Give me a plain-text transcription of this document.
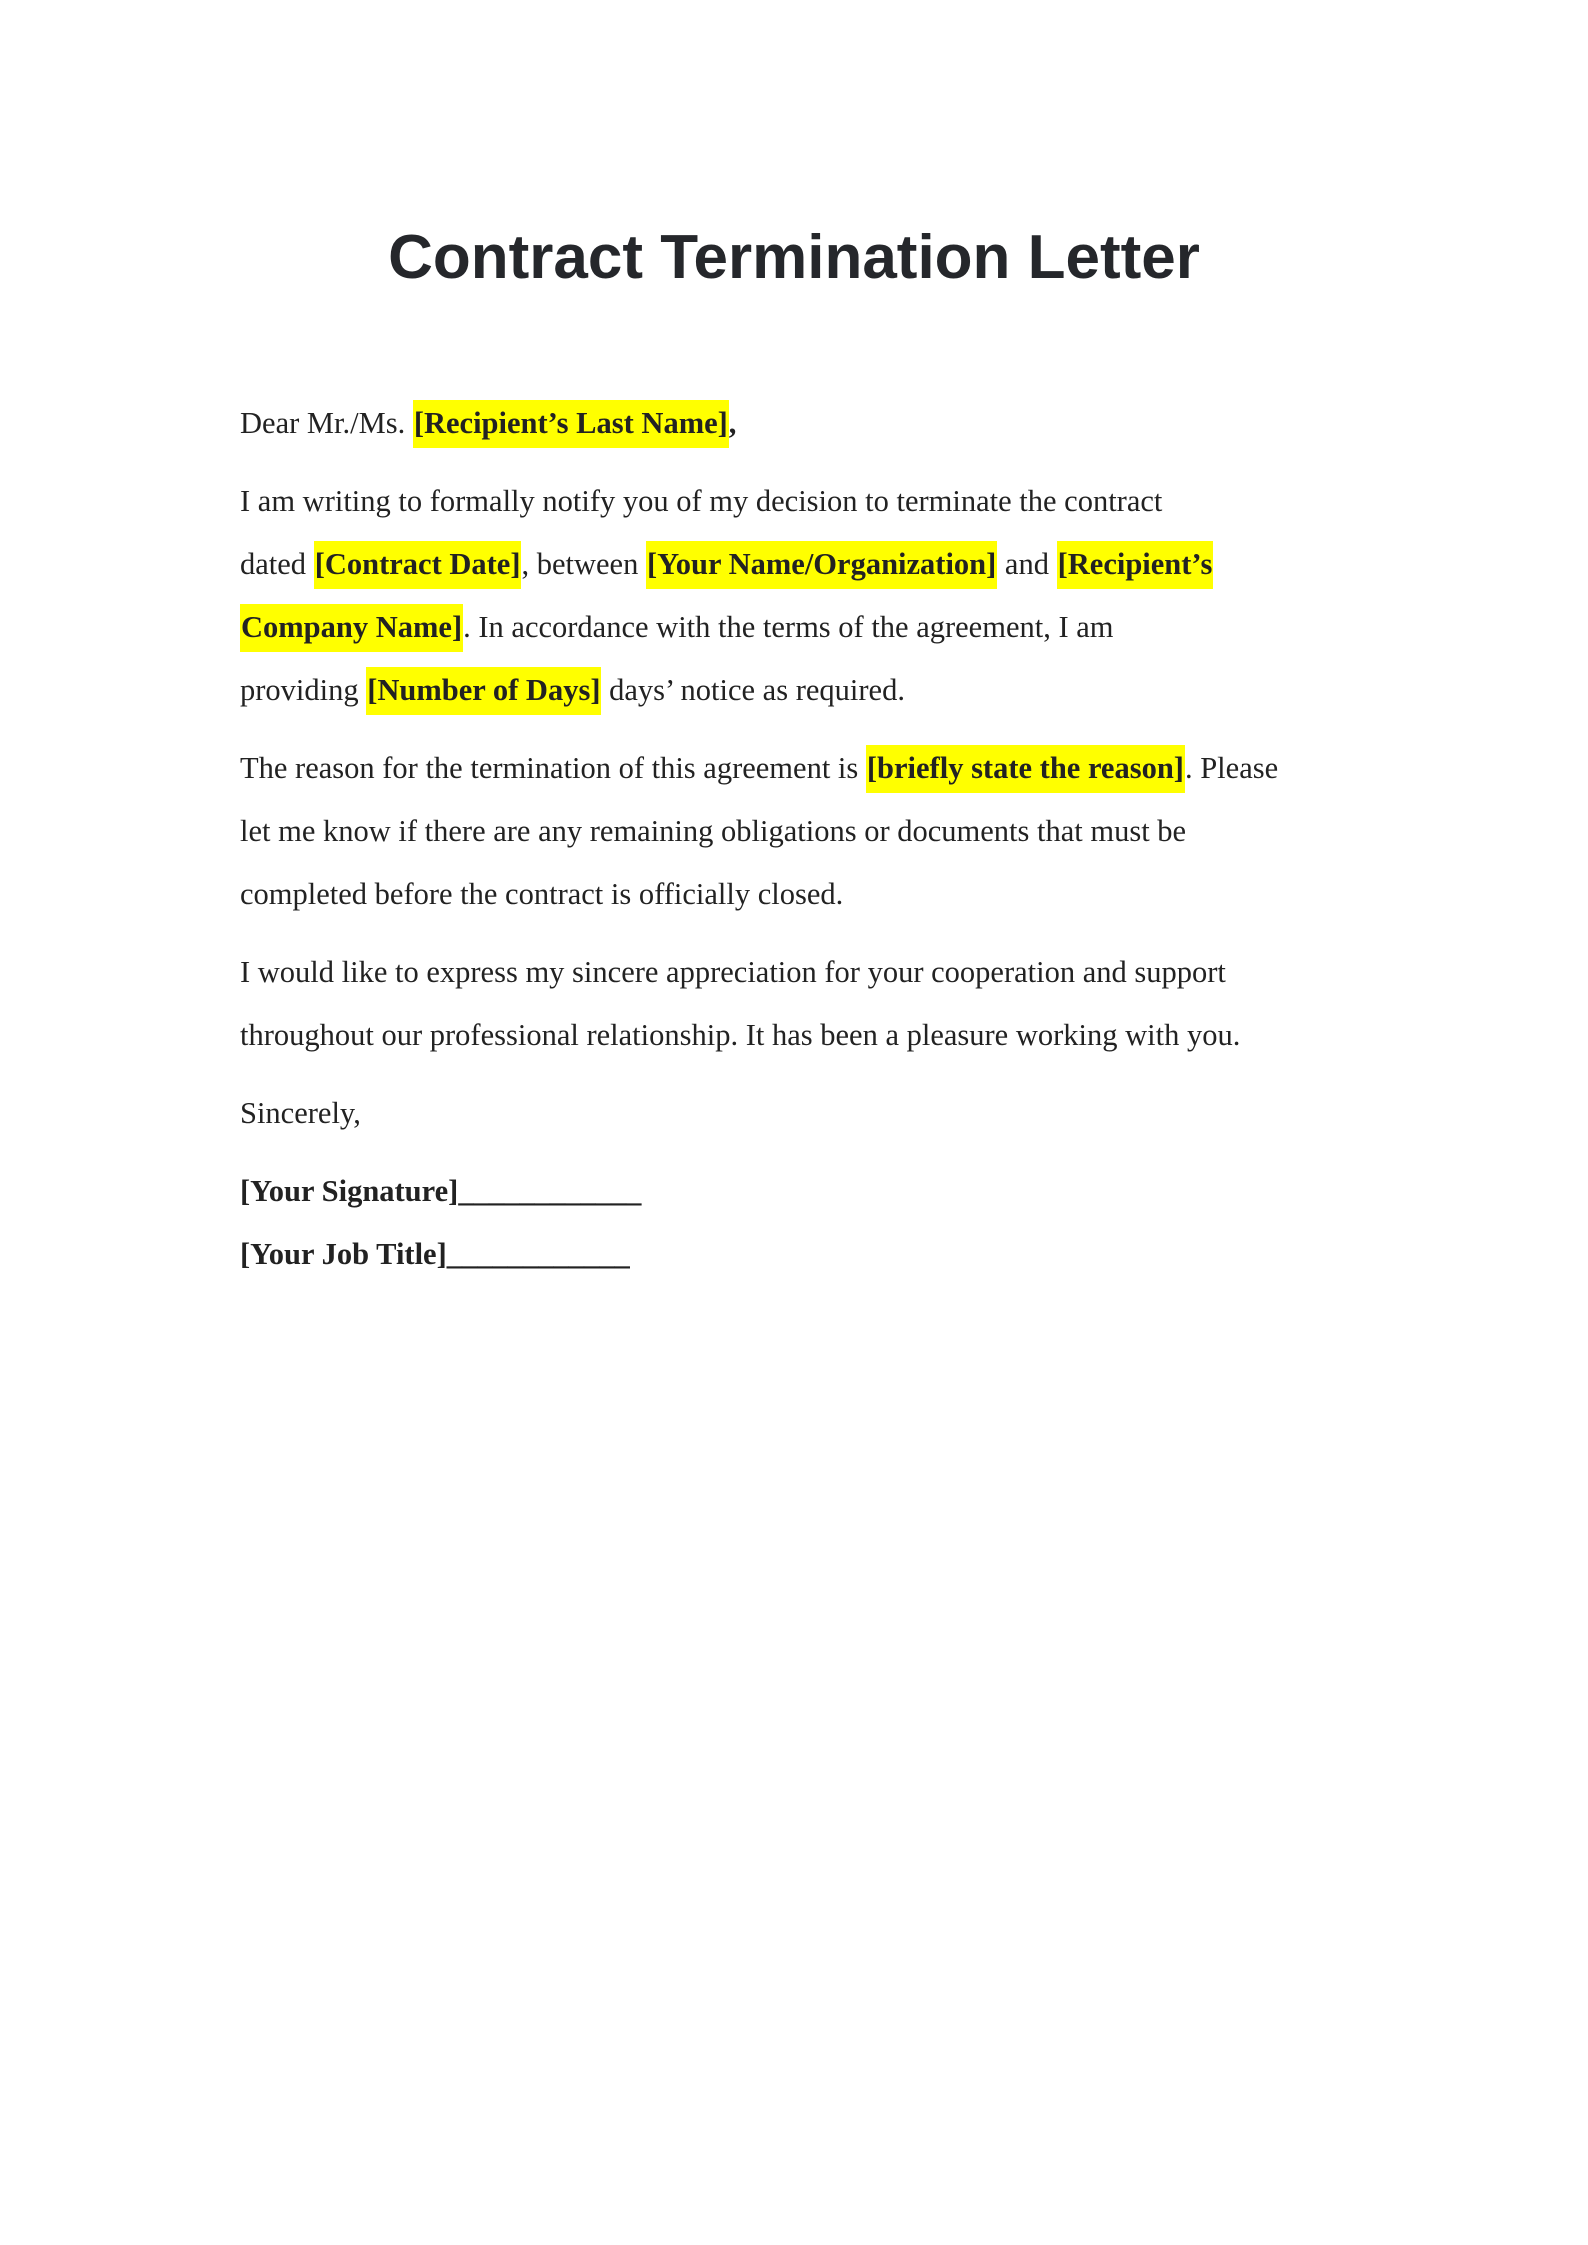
Contract Termination Letter
Dear Mr./Ms. [Recipient’s Last Name],
I am writing to formally notify you of my decision to terminate the contract
dated [Contract Date], between [Your Name/Organization] and [Recipient’s
Company Name]. In accordance with the terms of the agreement, I am
providing [Number of Days] days’ notice as required.
The reason for the termination of this agreement is [briefly state the reason]. Please
let me know if there are any remaining obligations or documents that must be
completed before the contract is officially closed.
I would like to express my sincere appreciation for your cooperation and support
throughout our professional relationship. It has been a pleasure working with you.
Sincerely,
[Your Signature]____________
[Your Job Title]____________
